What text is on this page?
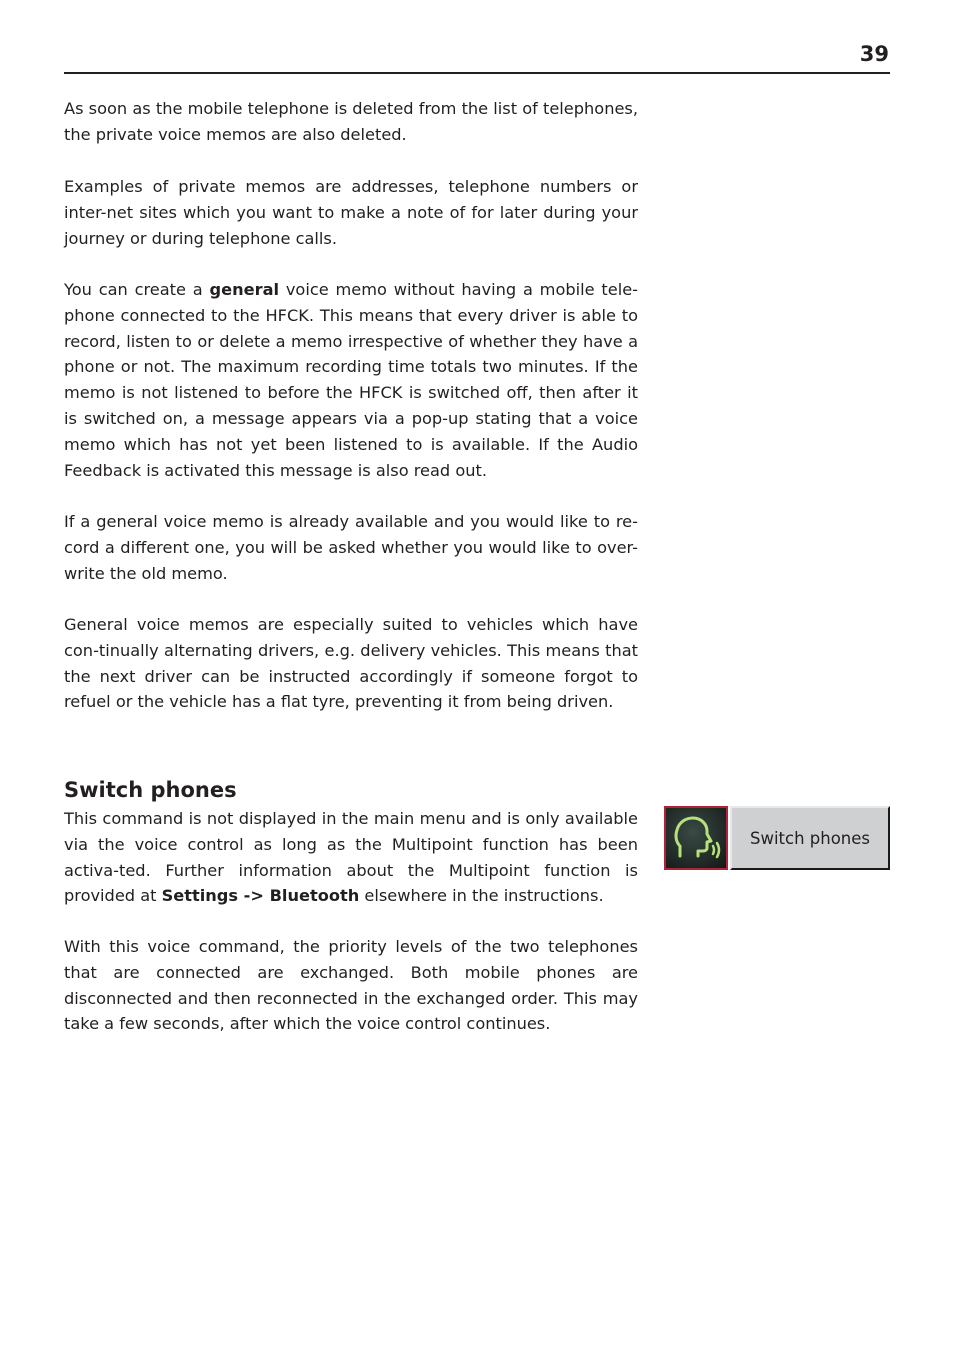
39

As soon as the mobile telephone is deleted from the list of telephones, the private voice memos are also deleted.

Examples of private memos are addresses, telephone numbers or inter-net sites which you want to make a note of for later during your journey or during telephone calls.

You can create a general voice memo without having a mobile tele-phone connected to the HFCK. This means that every driver is able to record, listen to or delete a memo irrespective of whether they have a phone or not. The maximum recording time totals two minutes. If the memo is not listened to before the HFCK is switched off, then after it is switched on, a message appears via a pop-up stating that a voice memo which has not yet been listened to is available. If the Audio Feedback is activated this message is also read out.

If a general voice memo is already available and you would like to re-cord a different one, you will be asked whether you would like to over-write the old memo.

General voice memos are especially suited to vehicles which have con-tinually alternating drivers, e.g. delivery vehicles. This means that the next driver can be instructed accordingly if someone forgot to refuel or the vehicle has a flat tyre, preventing it from being driven.

Switch phones

This command is not displayed in the main menu and is only available via the voice control as long as the Multipoint function has been activa-ted. Further information about the Multipoint function is provided at Settings -> Bluetooth elsewhere in the instructions.

With this voice command, the priority levels of the two telephones that are connected are exchanged. Both mobile phones are disconnected and then reconnected in the exchanged order. This may take a few seconds, after which the voice control continues.

Switch phones
